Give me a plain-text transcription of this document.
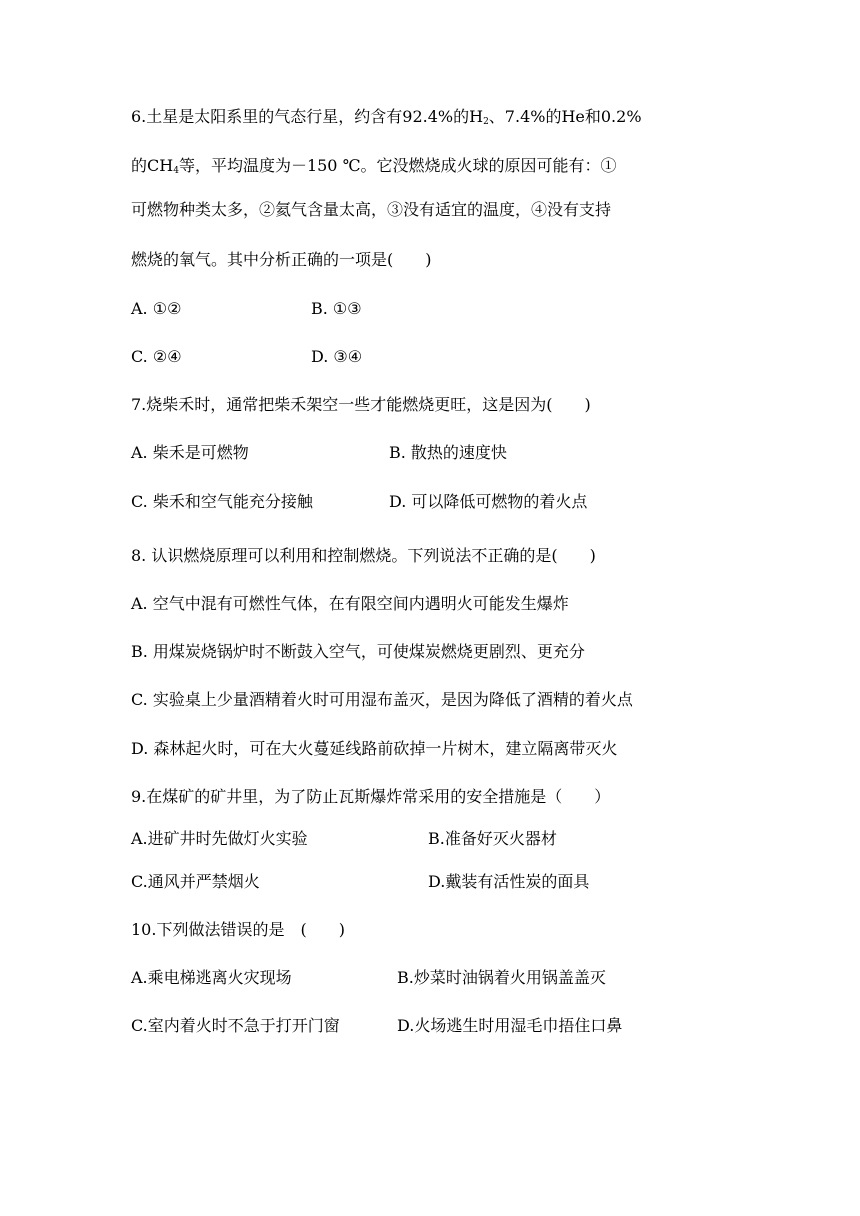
6.土星是太阳系里的气态行星，约含有92.4%的$H_2$、7.4%的He和0.2%
的$CH_4$等，平均温度为－150 ℃。它没燃烧成火球的原因可能有：①
可燃物种类太多，②氦气含量太高，③没有适宜的温度，④没有支持
燃烧的氧气。其中分析正确的一项是(　　)
A. ①②	B. ①③
C. ②④	D. ③④
7.烧柴禾时，通常把柴禾架空一些才能燃烧更旺，这是因为(　　)
A. 柴禾是可燃物	B. 散热的速度快
C. 柴禾和空气能充分接触	D. 可以降低可燃物的着火点
8. 认识燃烧原理可以利用和控制燃烧。下列说法不正确的是(　　)
A. 空气中混有可燃性气体，在有限空间内遇明火可能发生爆炸
B. 用煤炭烧锅炉时不断鼓入空气，可使煤炭燃烧更剧烈、更充分
C. 实验桌上少量酒精着火时可用湿布盖灭，是因为降低了酒精的着火点
D. 森林起火时，可在大火蔓延线路前砍掉一片树木，建立隔离带灭火
9.在煤矿的矿井里，为了防止瓦斯爆炸常采用的安全措施是（　　）
A.进矿井时先做灯火实验	B.准备好灭火器材
C.通风并严禁烟火	D.戴装有活性炭的面具
10.下列做法错误的是　(　　)
A.乘电梯逃离火灾现场	B.炒菜时油锅着火用锅盖盖灭
C.室内着火时不急于打开门窗	D.火场逃生时用湿毛巾捂住口鼻
